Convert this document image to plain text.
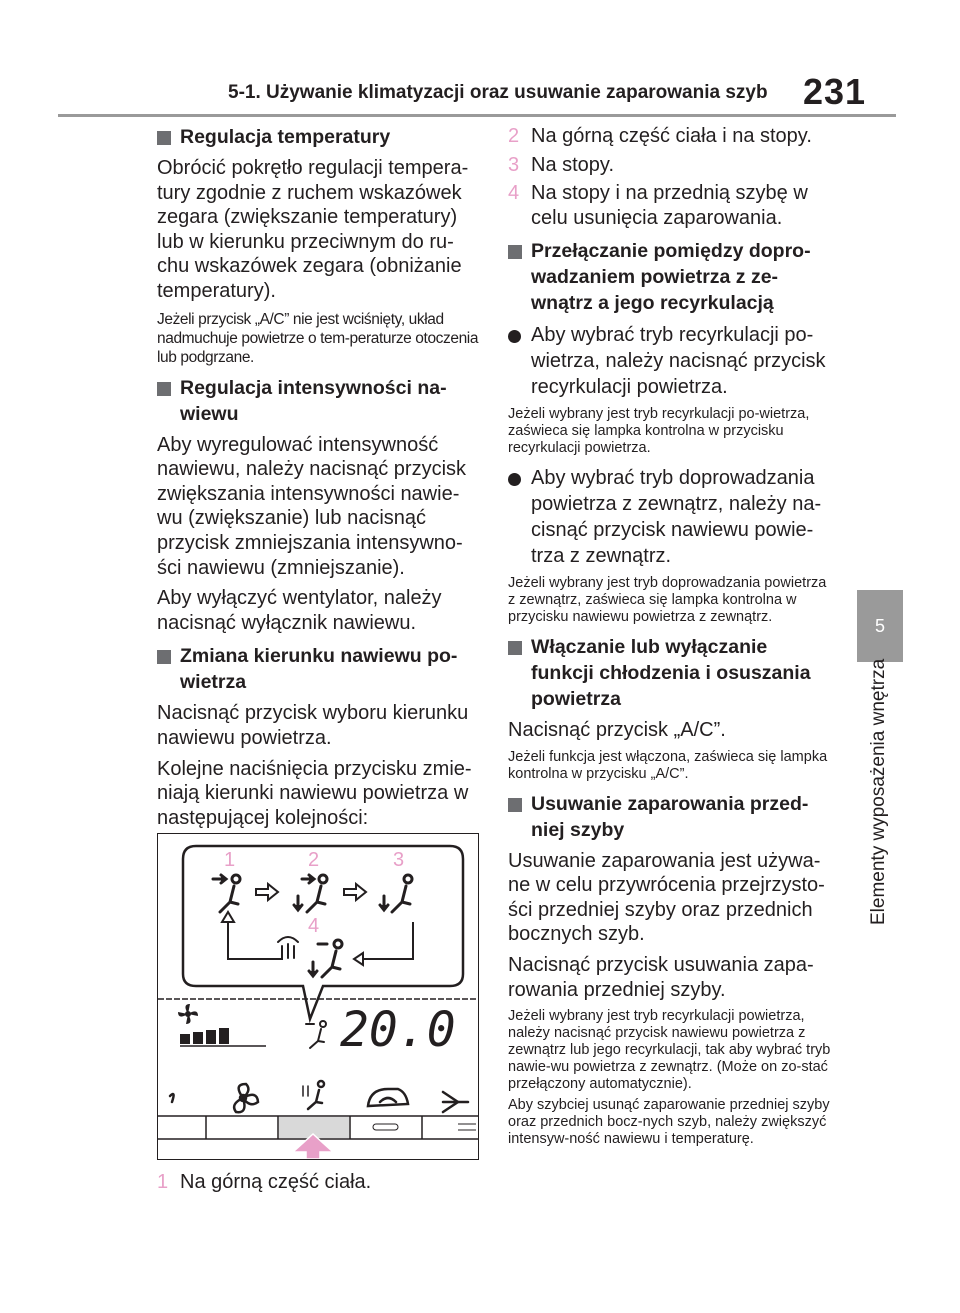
5-1. Używanie klimatyzacji oraz usuwanie zaparowania szyb 231
5
Elementy wyposażenia wnętrza
Regulacja temperatury

Obrócić pokrętło regulacji tempera-tury zgodnie z ruchem wskazówek zegara (zwiększanie temperatury) lub w kierunku przeciwnym do ru-chu wskazówek zegara (obniżanie temperatury).

Jeżeli przycisk „A/C” nie jest wciśnięty, układ nadmuchuje powietrze o tem-peraturze otoczenia lub podgrzane.

Regulacja intensywności na-wiewu

Aby wyregulować intensywność nawiewu, należy nacisnąć przycisk zwiększania intensywności nawie-wu (zwiększanie) lub nacisnąć przycisk zmniejszania intensywno-ści nawiewu (zmniejszanie).

Aby wyłączyć wentylator, należy nacisnąć wyłącznik nawiewu.

Zmiana kierunku nawiewu po-wietrza

Nacisnąć przycisk wyboru kierunku nawiewu powietrza.

Kolejne naciśnięcia przycisku zmie-niają kierunki nawiewu powietrza w następującej kolejności:

1	2	3
4
20.0
1 Na górną część ciała.
2 Na górną część ciała i na stopy.
3 Na stopy.
4 Na stopy i na przednią szybę w celu usunięcia zaparowania.
Przełączanie pomiędzy dopro-wadzaniem powietrza z ze-wnątrz a jego recyrkulacją
Aby wybrać tryb recyrkulacji po-wietrza, należy nacisnąć przycisk recyrkulacji powietrza.

Jeżeli wybrany jest tryb recyrkulacji po-wietrza, zaświeca się lampka kontrolna w przycisku recyrkulacji powietrza.

Aby wybrać tryb doprowadzania powietrza z zewnątrz, należy na-cisnąć przycisk nawiewu powie-trza z zewnątrz.

Jeżeli wybrany jest tryb doprowadzania powietrza z zewnątrz, zaświeca się lampka kontrolna w przycisku nawiewu powietrza z zewnątrz.

Włączanie lub wyłączanie funkcji chłodzenia i osuszania powietrza

Nacisnąć przycisk „A/C”.

Jeżeli funkcja jest włączona, zaświeca się lampka kontrolna w przycisku „A/C”.

Usuwanie zaparowania przed-niej szyby

Usuwanie zaparowania jest używa-ne w celu przywrócenia przejrzysto-ści przedniej szyby oraz przednich bocznych szyb.

Nacisnąć przycisk usuwania zapa-rowania przedniej szyby.

Jeżeli wybrany jest tryb recyrkulacji powietrza, należy nacisnąć przycisk nawiewu powietrza z zewnątrz lub jego recyrkulacji, tak aby wybrać tryb nawie-wu powietrza z zewnątrz. (Może on zo-stać przełączony automatycznie).

Aby szybciej usunąć zaparowanie przedniej szyby oraz przednich bocz-nych szyb, należy zwiększyć intensyw-ność nawiewu i temperaturę.
